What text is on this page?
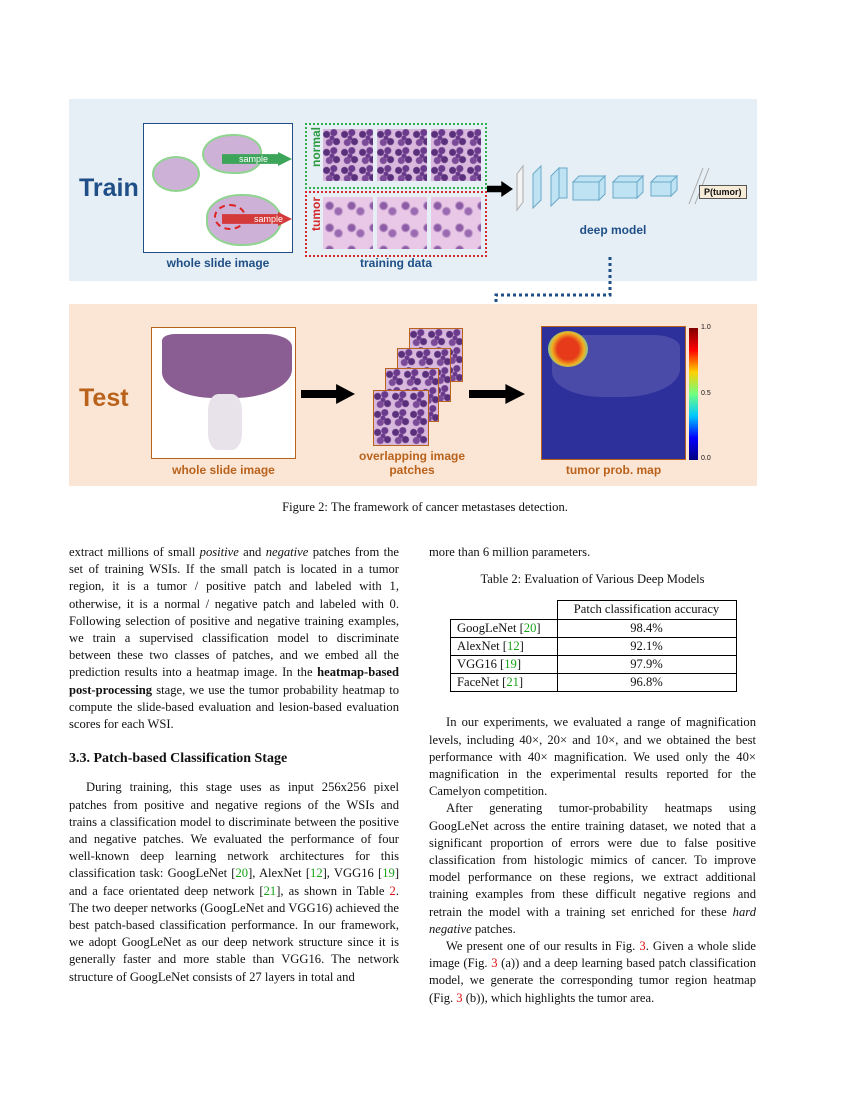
Train
sample
sample
whole slide image
normal
tumor
training data
P(tumor)
deep model
Test
whole slide image
overlapping image
patches
1.0
0.5
0.0
tumor prob. map
Figure 2: The framework of cancer metastases detection.

extract millions of small positive and negative patches from the set of training WSIs. If the small patch is located in a tumor region, it is a tumor / positive patch and labeled with 1, otherwise, it is a normal / negative patch and labeled with 0. Following selection of positive and negative training examples, we train a supervised classification model to discriminate between these two classes of patches, and we embed all the prediction results into a heatmap image. In the heatmap-based post-processing stage, we use the tumor probability heatmap to compute the slide-based evaluation and lesion-based evaluation scores for each WSI.

3.3. Patch-based Classification Stage

During training, this stage uses as input 256x256 pixel patches from positive and negative regions of the WSIs and trains a classification model to discriminate between the positive and negative patches. We evaluated the performance of four well-known deep learning network architectures for this classification task: GoogLeNet [20], AlexNet [12], VGG16 [19] and a face orientated deep network [21], as shown in Table 2. The two deeper networks (GoogLeNet and VGG16) achieved the best patch-based classification performance. In our framework, we adopt GoogLeNet as our deep network structure since it is generally faster and more stable than VGG16. The network structure of GoogLeNet consists of 27 layers in total and

more than 6 million parameters.

Table 2: Evaluation of Various Deep Models
	Patch classification accuracy
GoogLeNet [20]	98.4%
AlexNet [12]	92.1%
VGG16 [19]	97.9%
FaceNet [21]	96.8%

In our experiments, we evaluated a range of magnification levels, including 40×, 20× and 10×, and we obtained the best performance with 40× magnification. We used only the 40× magnification in the experimental results reported for the Camelyon competition.

After generating tumor-probability heatmaps using GoogLeNet across the entire training dataset, we noted that a significant proportion of errors were due to false positive classification from histologic mimics of cancer. To improve model performance on these regions, we extract additional training examples from these difficult negative regions and retrain the model with a training set enriched for these hard negative patches.

We present one of our results in Fig. 3. Given a whole slide image (Fig. 3 (a)) and a deep learning based patch classification model, we generate the corresponding tumor region heatmap (Fig. 3 (b)), which highlights the tumor area.
